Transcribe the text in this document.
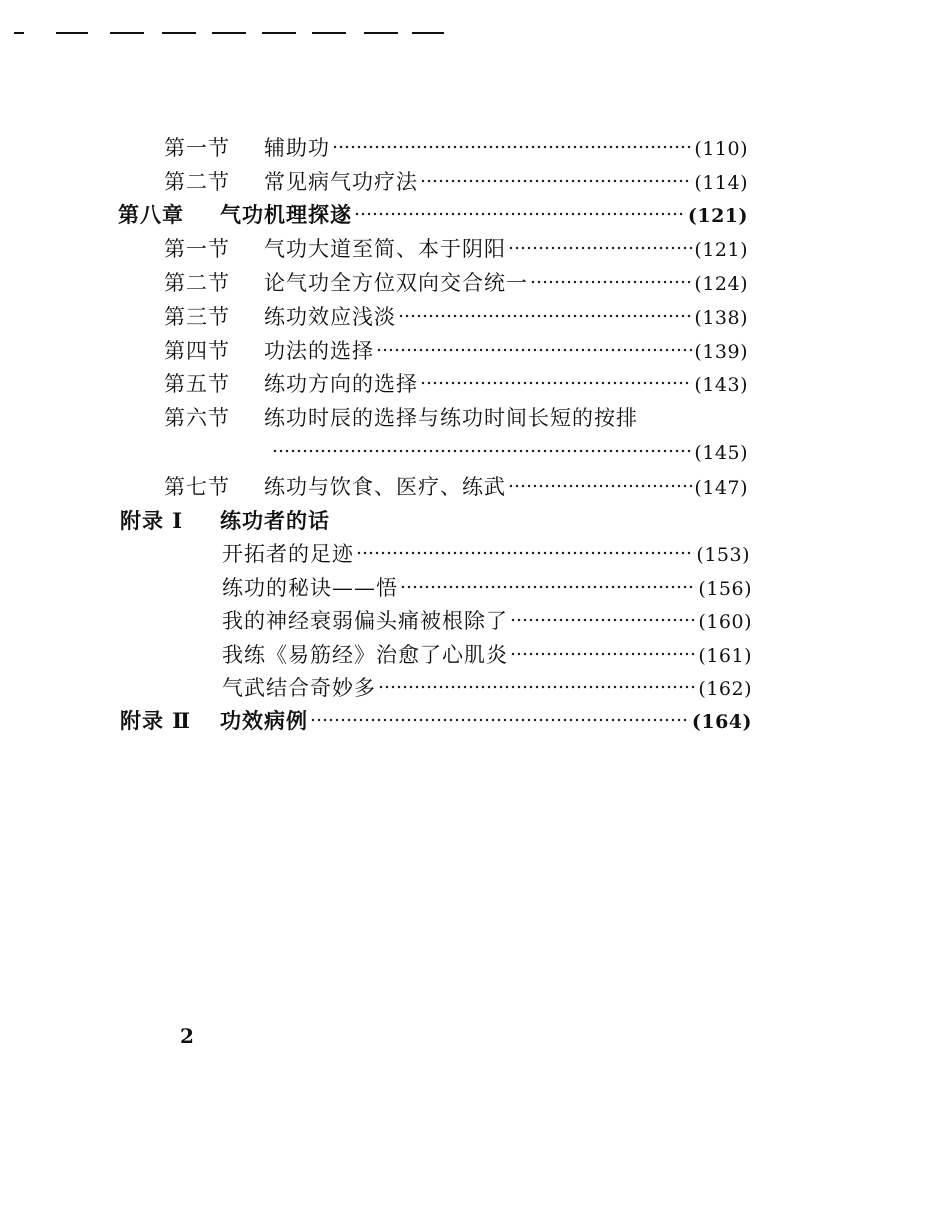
第一节	辅助功	(110)
第二节	常见病气功疗法	(114)
第八章	气功机理探遂	(121)
第一节	气功大道至简、本于阴阳	(121)
第二节	论气功全方位双向交合统一	(124)
第三节	练功效应浅淡	(138)
第四节	功法的选择	(139)
第五节	练功方向的选择	(143)
第六节	练功时辰的选择与练功时间长短的按排
(145)
第七节	练功与饮食、医疗、练武	(147)
附录 I	练功者的话
开拓者的足迹	(153)
练功的秘诀——悟	(156)
我的神经衰弱偏头痛被根除了	(160)
我练《易筋经》治愈了心肌炎	(161)
气武结合奇妙多	(162)
附录 Ⅱ	功效病例	(164)
2
